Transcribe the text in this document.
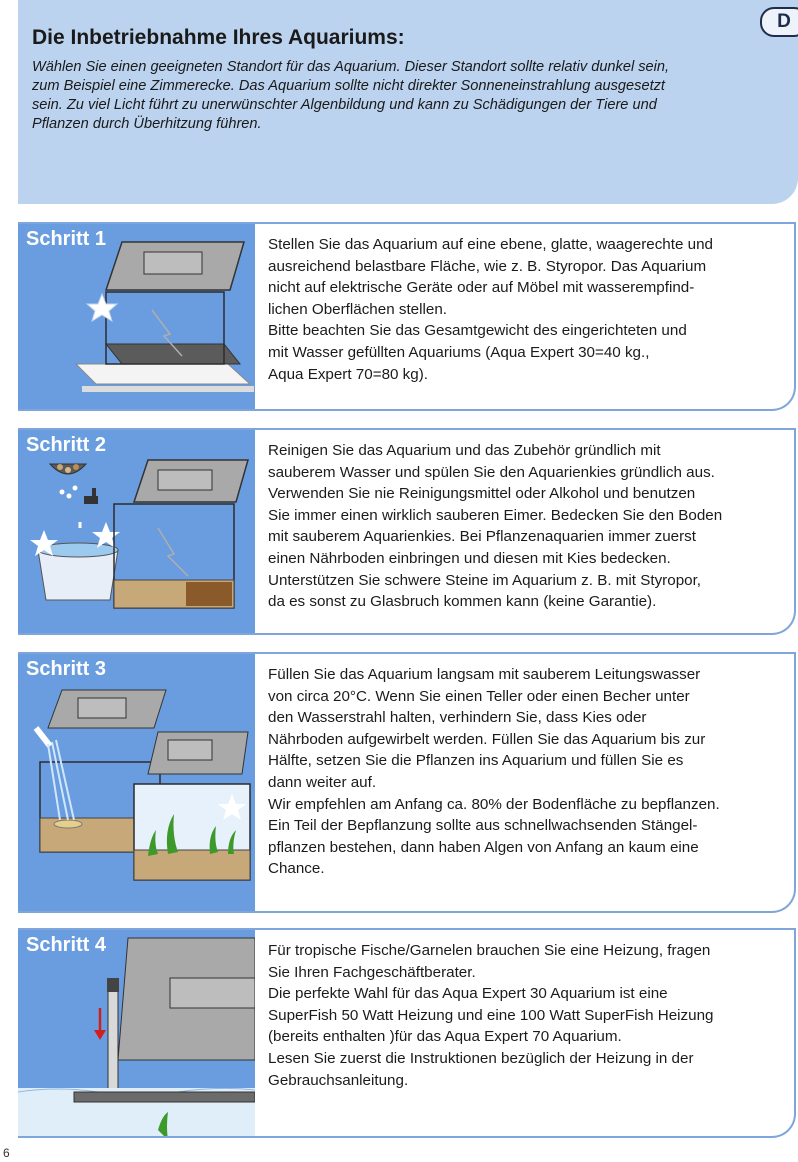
Die Inbetriebnahme Ihres Aquariums:
D

Wählen Sie einen geeigneten Standort für das Aquarium. Dieser Standort sollte relativ dunkel sein,
zum Beispiel eine Zimmerecke. Das Aquarium sollte nicht direkter Sonneneinstrahlung ausgesetzt
sein. Zu viel Licht führt zu unerwünschter Algenbildung und kann zu Schädigungen der Tiere und
Pflanzen durch Überhitzung führen.

Schritt 1	Stellen Sie das Aquarium auf eine ebene, glatte, waagerechte und
ausreichend belastbare Fläche, wie z. B. Styropor. Das Aquarium
nicht auf elektrische Geräte oder auf Möbel mit wasserempfind-
lichen Oberflächen stellen.
Bitte beachten Sie das Gesamtgewicht des eingerichteten und
mit Wasser gefüllten Aquariums (Aqua Expert 30=40 kg.,
Aqua Expert 70=80 kg).

Schritt 2	Reinigen Sie das Aquarium und das Zubehör gründlich mit
sauberem Wasser und spülen Sie den Aquarienkies gründlich aus.
Verwenden Sie nie Reinigungsmittel oder Alkohol und benutzen
Sie immer einen wirklich sauberen Eimer. Bedecken Sie den Boden
mit sauberem Aquarienkies. Bei Pflanzenaquarien immer zuerst
einen Nährboden einbringen und diesen mit Kies bedecken.
Unterstützen Sie schwere Steine im Aquarium z. B. mit Styropor,
da es sonst zu Glasbruch kommen kann (keine Garantie).

Schritt 3	Füllen Sie das Aquarium langsam mit sauberem Leitungswasser
von circa 20°C. Wenn Sie einen Teller oder einen Becher unter
den Wasserstrahl halten, verhindern Sie, dass Kies oder
Nährboden aufgewirbelt werden. Füllen Sie das Aquarium bis zur
Hälfte, setzen Sie die Pflanzen ins Aquarium und füllen Sie es
dann weiter auf.
Wir empfehlen am Anfang ca. 80% der Bodenfläche zu bepflanzen.
Ein Teil der Bepflanzung sollte aus schnellwachsenden Stängel-
pflanzen bestehen, dann haben Algen von Anfang an kaum eine
Chance.

Schritt 4	Für tropische Fische/Garnelen brauchen Sie eine Heizung, fragen
Sie Ihren Fachgeschäftberater.
Die perfekte Wahl für das Aqua Expert 30 Aquarium ist eine
SuperFish 50 Watt Heizung und eine 100 Watt SuperFish Heizung
(bereits enthalten )für das Aqua Expert 70 Aquarium.
Lesen Sie zuerst die Instruktionen bezüglich der Heizung in der
Gebrauchsanleitung.

6
